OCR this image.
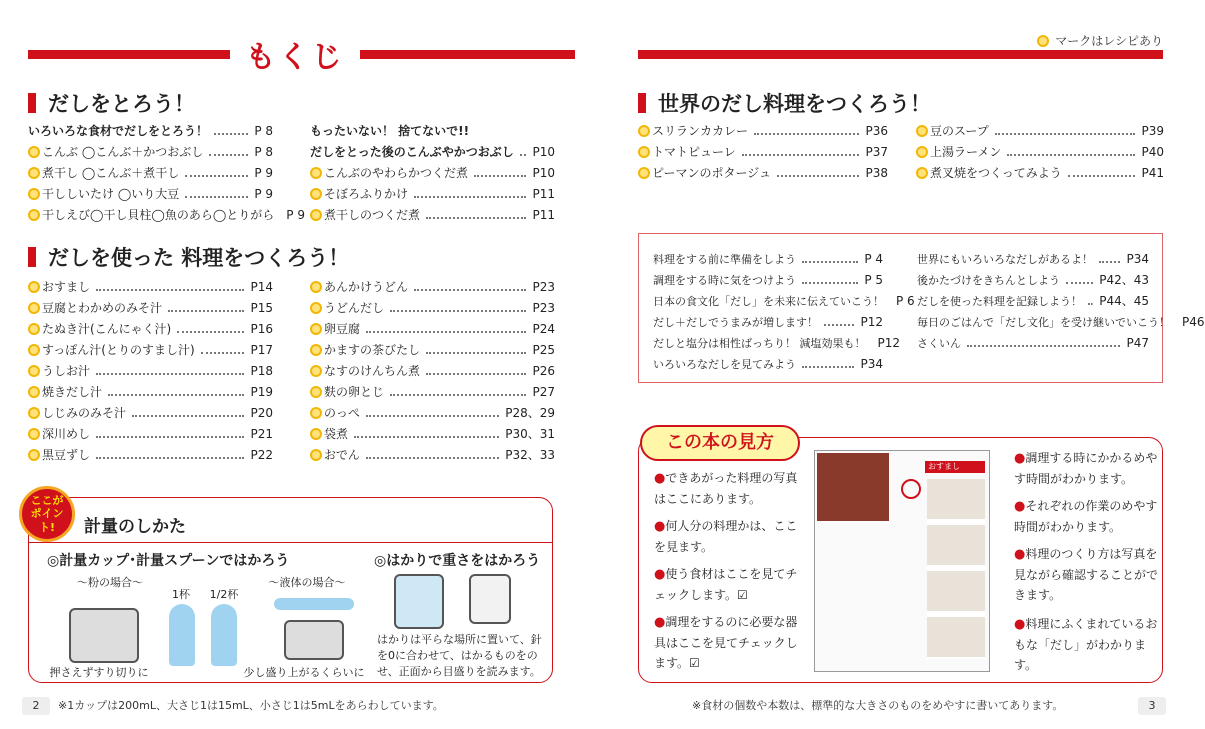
もくじ
だしをとろう！
いろいろな食材でだしをとろう！	P 8
こんぶ ◯こんぶ＋かつおぶし	P 8
煮干し ◯こんぶ＋煮干し	P 9
干ししいたけ ◯いり大豆	P 9
干しえび◯干し貝柱◯魚のあら◯とりがら P 9
もったいない！ 捨てないで!!
だしをとった後のこんぶやかつおぶし P10
こんぶのやわらかつくだ煮	P10
そぼろふりかけ	P11
煮干しのつくだ煮	P11
だしを使った 料理をつくろう！
おすまし	P14
豆腐とわかめのみそ汁	P15
たぬき汁(こんにゃく汁)	P16
すっぽん汁(とりのすまし汁)	P17
うしお汁	P18
焼きだし汁	P19
しじみのみそ汁	P20
深川めし	P21
黒豆ずし	P22
あんかけうどん	P23
うどんだし	P23
卵豆腐	P24
かますの茶びたし	P25
なすのけんちん煮	P26
麩の卵とじ	P27
のっぺ	P28、29
袋煮	P30、31
おでん	P32、33
ここが ポイント!	計量のしかた
◎計量カップ･計量スプーンではかろう	◎はかりで重さをはかろう
～粉の場合～
1杯	1/2杯
～液体の場合～
押さえずすり切りに	少し盛り上がるくらいに
はかりは平らな場所に置いて、針を0に合わせて、はかるものをのせ、正面から目盛りを読みます。
2	※1カップは200mL、大さじ1は15mL、小さじ1は5mLをあらわしています。
マークはレシピあり
世界のだし料理をつくろう！
スリランカカレー	P36
トマトピューレ	P37
ピーマンのポタージュ	P38
豆のスープ	P39
上湯ラーメン	P40
煮叉焼をつくってみよう	P41
料理をする前に準備をしよう	P 4
調理をする時に気をつけよう	P 5
日本の食文化「だし」を未来に伝えていこう！ P 6
だし＋だしでうまみが増します！	P12
だしと塩分は相性ばっちり！ 減塩効果も！ P12
いろいろなだしを見てみよう	P34
世界にもいろいろなだしがあるよ！	P34
後かたづけをきちんとしよう	P42、43
だしを使った料理を記録しよう！ P44、45
毎日のごはんで「だし文化」を受け継いでいこう！ P46
さくいん	P47
この本の見方
●できあがった料理の写真はここにあります。
●何人分の料理かは、ここを見ます。
●使う食材はここを見てチェックします。☑
●調理をするのに必要な器具はここを見てチェックします。☑
●調理する時にかかるめやす時間がわかります。
●それぞれの作業のめやす時間がわかります。
●料理のつくり方は写真を見ながら確認することができます。
●料理にふくまれているおもな「だし」がわかります。
おすまし
3
※食材の個数や本数は、標準的な大きさのものをめやすに書いてあります。
